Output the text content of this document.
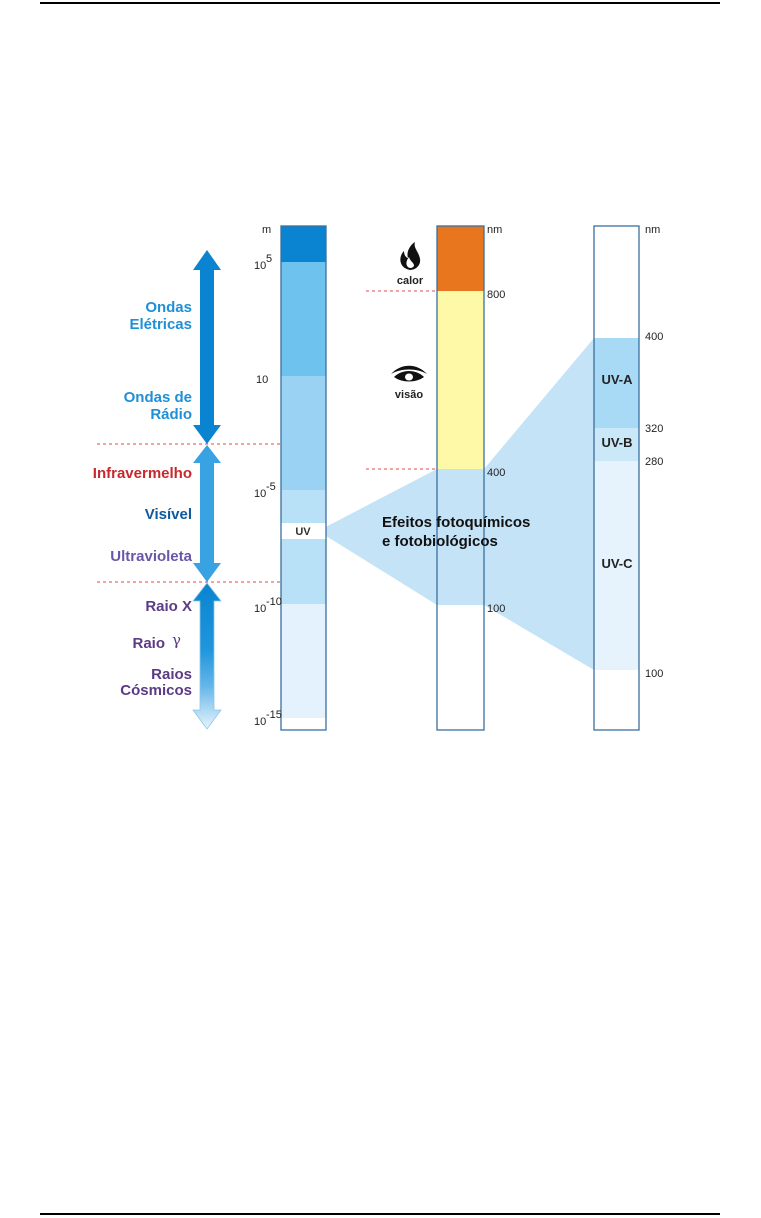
Ondas
Elétricas
Ondas de
Rádio
Infravermelho
Visível
Ultravioleta
Raio X
Raio γ
Raios
Cósmicos
UV
m
10
5
10
10
-5
10
-10
10
-15
nm
800
400
100
calor
visão
Efeitos fotoquímicos
e fotobiológicos
UV-A
UV-B
UV-C
nm
400
320
280
100
